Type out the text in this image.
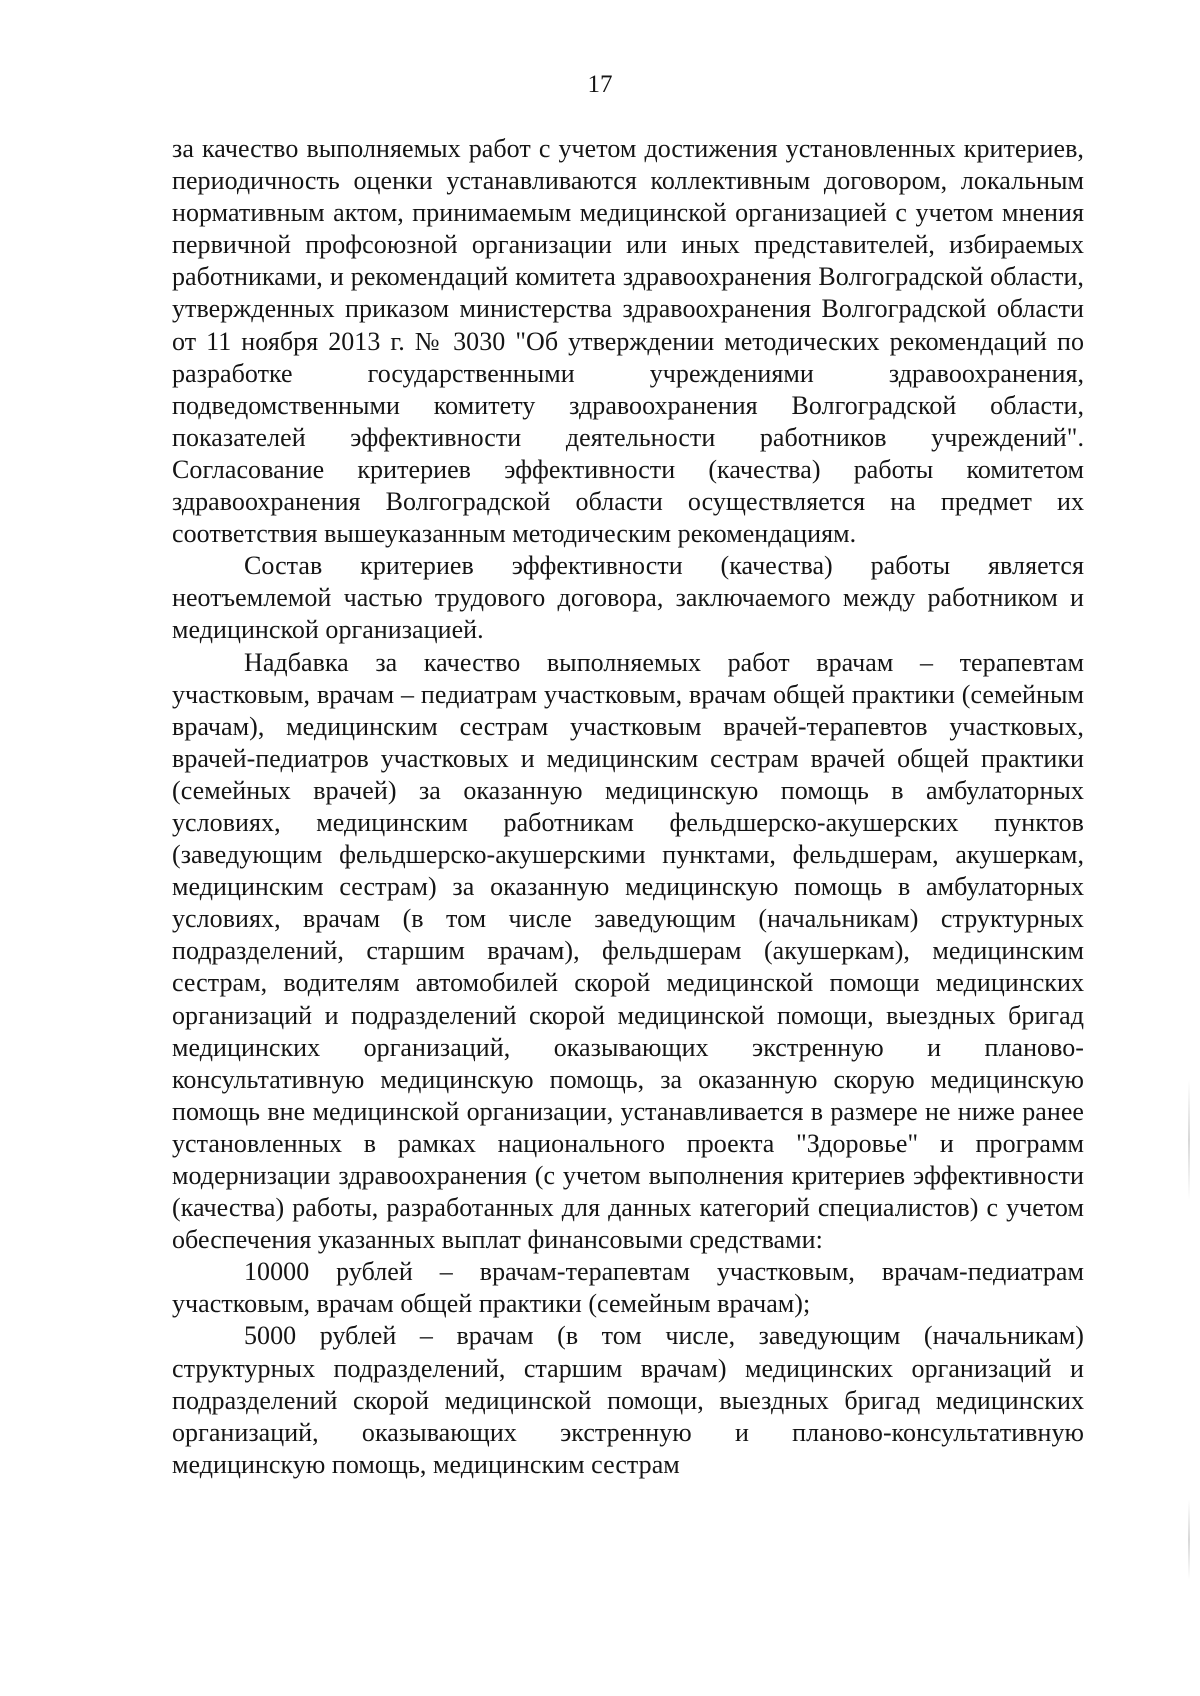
17

за качество выполняемых работ с учетом достижения установленных критериев, периодичность оценки устанавливаются коллективным договором, локальным нормативным актом, принимаемым медицинской организацией с учетом мнения первичной профсоюзной организации или иных представителей, избираемых работниками, и рекомендаций комитета здравоохранения Волгоградской области, утвержденных приказом министерства здравоохранения Волгоградской области от 11 ноября 2013 г. № 3030 "Об утверждении методических рекомендаций по разработке государственными учреждениями здравоохранения, подведомственными комитету здравоохранения Волгоградской области, показателей эффективности деятельности работников учреждений". Согласование критериев эффективности (качества) работы комитетом здравоохранения Волгоградской области осуществляется на предмет их соответствия вышеуказанным методическим рекомендациям.

Состав критериев эффективности (качества) работы является неотъемлемой частью трудового договора, заключаемого между работником и медицинской организацией.

Надбавка за качество выполняемых работ врачам – терапевтам участковым, врачам – педиатрам участковым, врачам общей практики (семейным врачам), медицинским сестрам участковым врачей-терапевтов участковых, врачей-педиатров участковых и медицинским сестрам врачей общей практики (семейных врачей) за оказанную медицинскую помощь в амбулаторных условиях, медицинским работникам фельдшерско-акушерских пунктов (заведующим фельдшерско-акушерскими пунктами, фельдшерам, акушеркам, медицинским сестрам) за оказанную медицинскую помощь в амбулаторных условиях, врачам (в том числе заведующим (начальникам) структурных подразделений, старшим врачам), фельдшерам (акушеркам), медицинским сестрам, водителям автомобилей скорой медицинской помощи медицинских организаций и подразделений скорой медицинской помощи, выездных бригад медицинских организаций, оказывающих экстренную и планово-консультативную медицинскую помощь, за оказанную скорую медицинскую помощь вне медицинской организации, устанавливается в размере не ниже ранее установленных в рамках национального проекта "Здоровье" и программ модернизации здравоохранения (с учетом выполнения критериев эффективности (качества) работы, разработанных для данных категорий специалистов) с учетом обеспечения указанных выплат финансовыми средствами:

10000 рублей – врачам-терапевтам участковым, врачам-педиатрам участковым, врачам общей практики (семейным врачам);

5000 рублей – врачам (в том числе, заведующим (начальникам) структурных подразделений, старшим врачам) медицинских организаций и подразделений скорой медицинской помощи, выездных бригад медицинских организаций, оказывающих экстренную и планово-консультативную медицинскую помощь, медицинским сестрам
